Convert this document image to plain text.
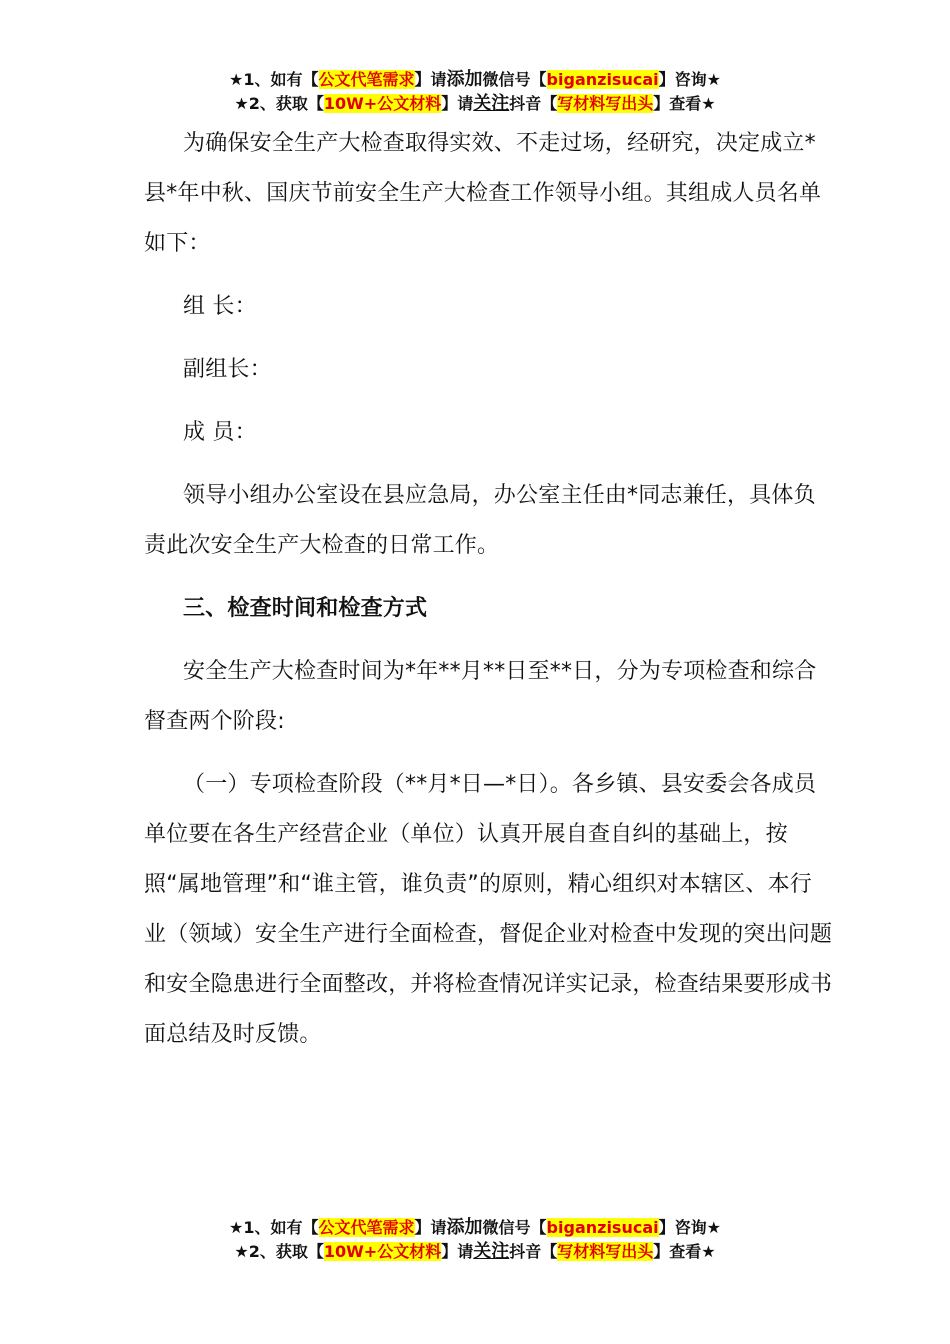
★1、如有【公文代笔需求】请添加微信号【biganzisucai】咨询★
★2、获取【10W+公文材料】请关注抖音【写材料写出头】查看★

为确保安全生产大检查取得实效、不走过场，经研究，决定成立*县*年中秋、国庆节前安全生产大检查工作领导小组。其组成人员名单如下：

组 长：

副组长：

成 员：

领导小组办公室设在县应急局，办公室主任由*同志兼任，具体负责此次安全生产大检查的日常工作。

三、检查时间和检查方式

安全生产大检查时间为*年**月**日至**日，分为专项检查和综合督查两个阶段:

（一）专项检查阶段（**月*日—*日）。各乡镇、县安委会各成员单位要在各生产经营企业（单位）认真开展自查自纠的基础上，按照“属地管理”和“谁主管，谁负责”的原则，精心组织对本辖区、本行业（领域）安全生产进行全面检查，督促企业对检查中发现的突出问题和安全隐患进行全面整改，并将检查情况详实记录，检查结果要形成书面总结及时反馈。

★1、如有【公文代笔需求】请添加微信号【biganzisucai】咨询★
★2、获取【10W+公文材料】请关注抖音【写材料写出头】查看★
